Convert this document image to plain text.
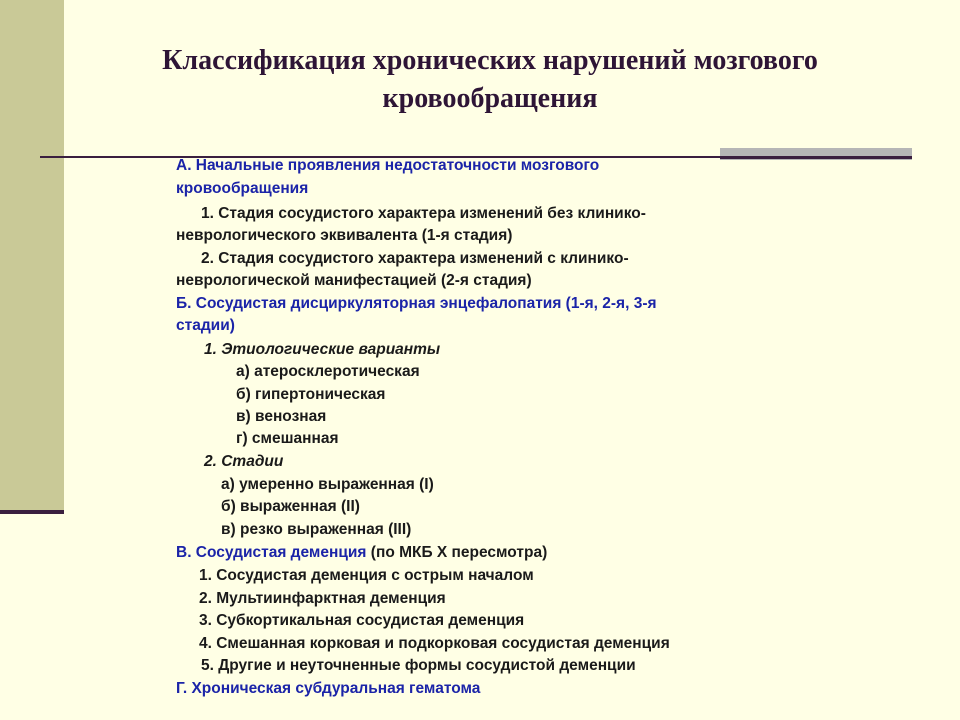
Классификация хронических нарушений мозгового
кровообращения
А. Начальные проявления недостаточности мозгового
кровообращения
1. Стадия сосудистого характера изменений без клинико-
неврологического эквивалента (1-я стадия)
2. Стадия сосудистого характера изменений с клинико-
неврологической манифестацией (2-я стадия)
Б. Сосудистая дисциркуляторная энцефалопатия (1-я, 2-я, 3-я
стадии)
1. Этиологические варианты
а) атеросклеротическая
б) гипертоническая
в) венозная
г) смешанная
2. Стадии
а) умеренно выраженная (I)
б) выраженная (II)
в) резко выраженная (III)
В. Сосудистая деменция (по МКБ X пересмотра)
1. Сосудистая деменция с острым началом
2. Мультиинфарктная деменция
3. Субкортикальная сосудистая деменция
4. Смешанная корковая и подкорковая сосудистая деменция
5. Другие и неуточненные формы сосудистой деменции
Г. Хроническая субдуральная гематома
